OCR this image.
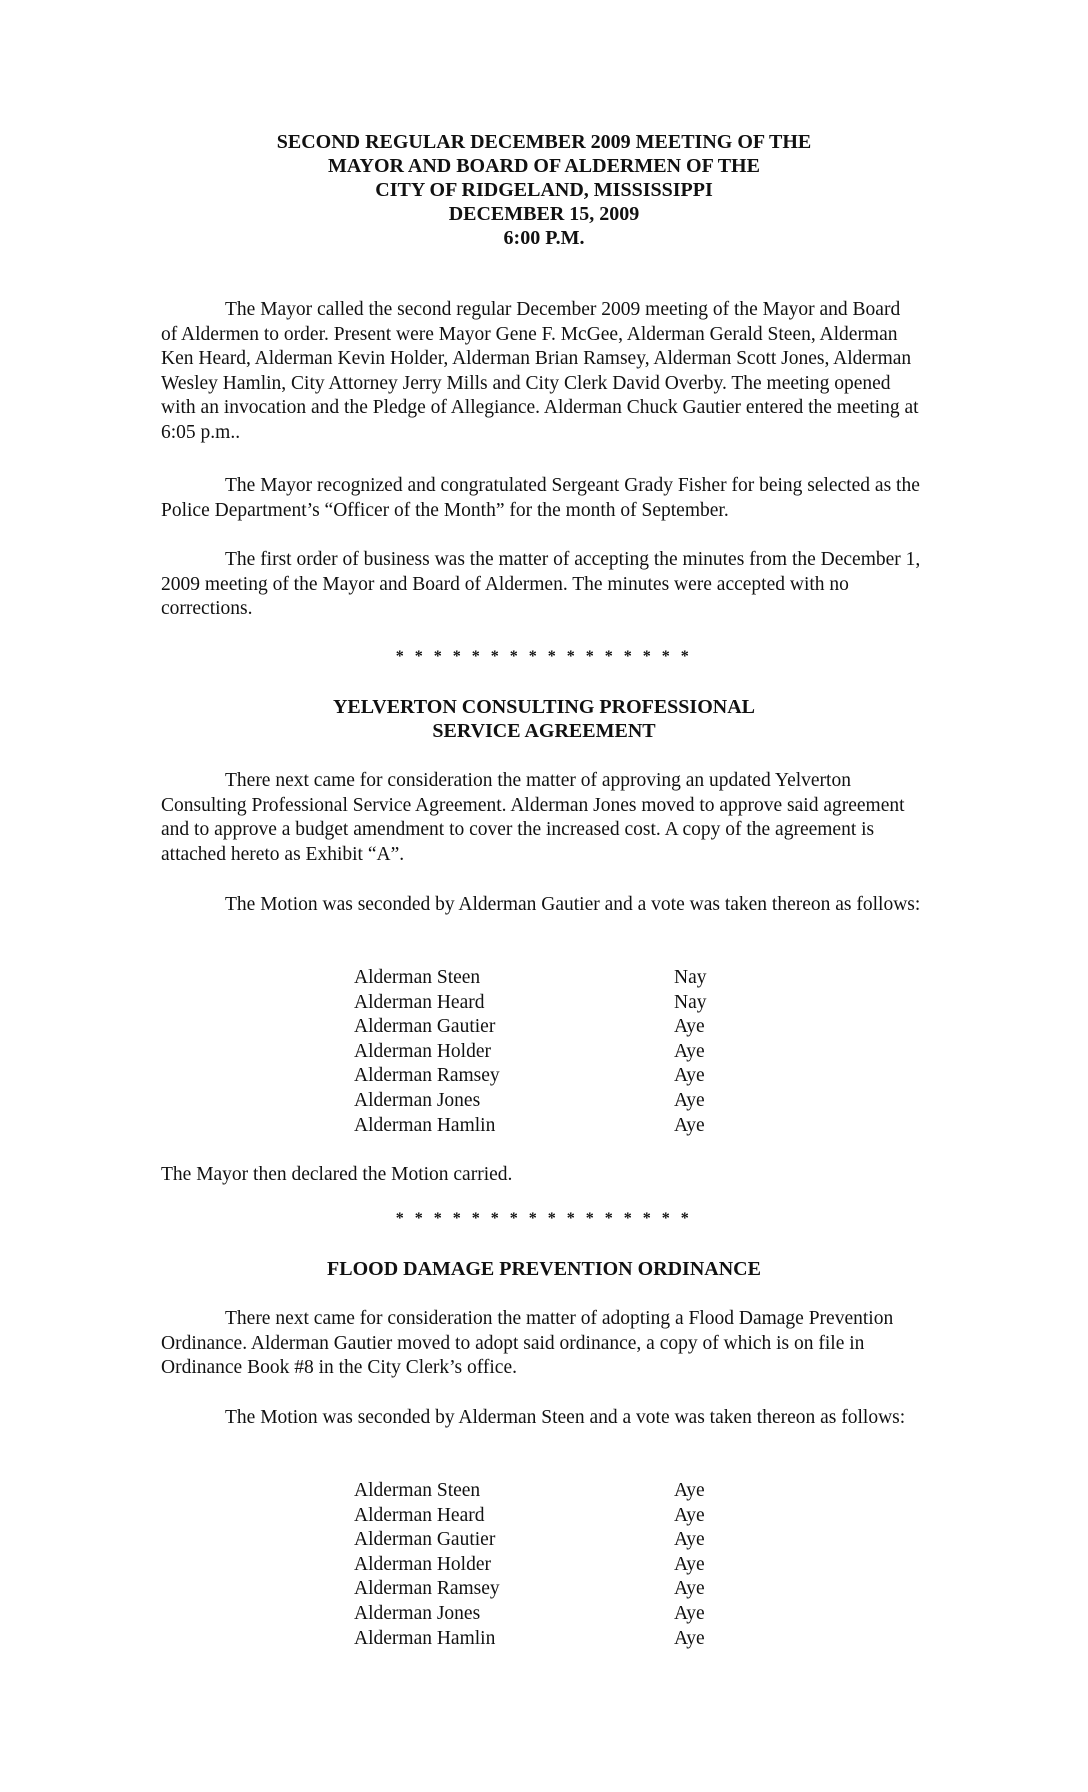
SECOND REGULAR DECEMBER 2009 MEETING OF THE
MAYOR AND BOARD OF ALDERMEN OF THE
CITY OF RIDGELAND, MISSISSIPPI
DECEMBER 15, 2009
6:00 P.M.

The Mayor called the second regular December 2009 meeting of the Mayor and Board of Aldermen to order. Present were Mayor Gene F. McGee, Alderman Gerald Steen, Alderman Ken Heard, Alderman Kevin Holder, Alderman Brian Ramsey, Alderman Scott Jones, Alderman Wesley Hamlin, City Attorney Jerry Mills and City Clerk David Overby. The meeting opened with an invocation and the Pledge of Allegiance. Alderman Chuck Gautier entered the meeting at 6:05 p.m..

The Mayor recognized and congratulated Sergeant Grady Fisher for being selected as the Police Department’s “Officer of the Month” for the month of September.

The first order of business was the matter of accepting the minutes from the December 1, 2009 meeting of the Mayor and Board of Aldermen. The minutes were accepted with no corrections.

* * * * * * * * * * * * * * * *
YELVERTON CONSULTING PROFESSIONAL
SERVICE AGREEMENT

There next came for consideration the matter of approving an updated Yelverton Consulting Professional Service Agreement. Alderman Jones moved to approve said agreement and to approve a budget amendment to cover the increased cost. A copy of the agreement is attached hereto as Exhibit “A”.

The Motion was seconded by Alderman Gautier and a vote was taken thereon as follows:

Alderman Steen	Nay
Alderman Heard	Nay
Alderman Gautier	Aye
Alderman Holder	Aye
Alderman Ramsey	Aye
Alderman Jones	Aye
Alderman Hamlin	Aye

The Mayor then declared the Motion carried.

* * * * * * * * * * * * * * * *
FLOOD DAMAGE PREVENTION ORDINANCE

There next came for consideration the matter of adopting a Flood Damage Prevention Ordinance. Alderman Gautier moved to adopt said ordinance, a copy of which is on file in Ordinance Book #8 in the City Clerk’s office.

The Motion was seconded by Alderman Steen and a vote was taken thereon as follows:

Alderman Steen	Aye
Alderman Heard	Aye
Alderman Gautier	Aye
Alderman Holder	Aye
Alderman Ramsey	Aye
Alderman Jones	Aye
Alderman Hamlin	Aye
